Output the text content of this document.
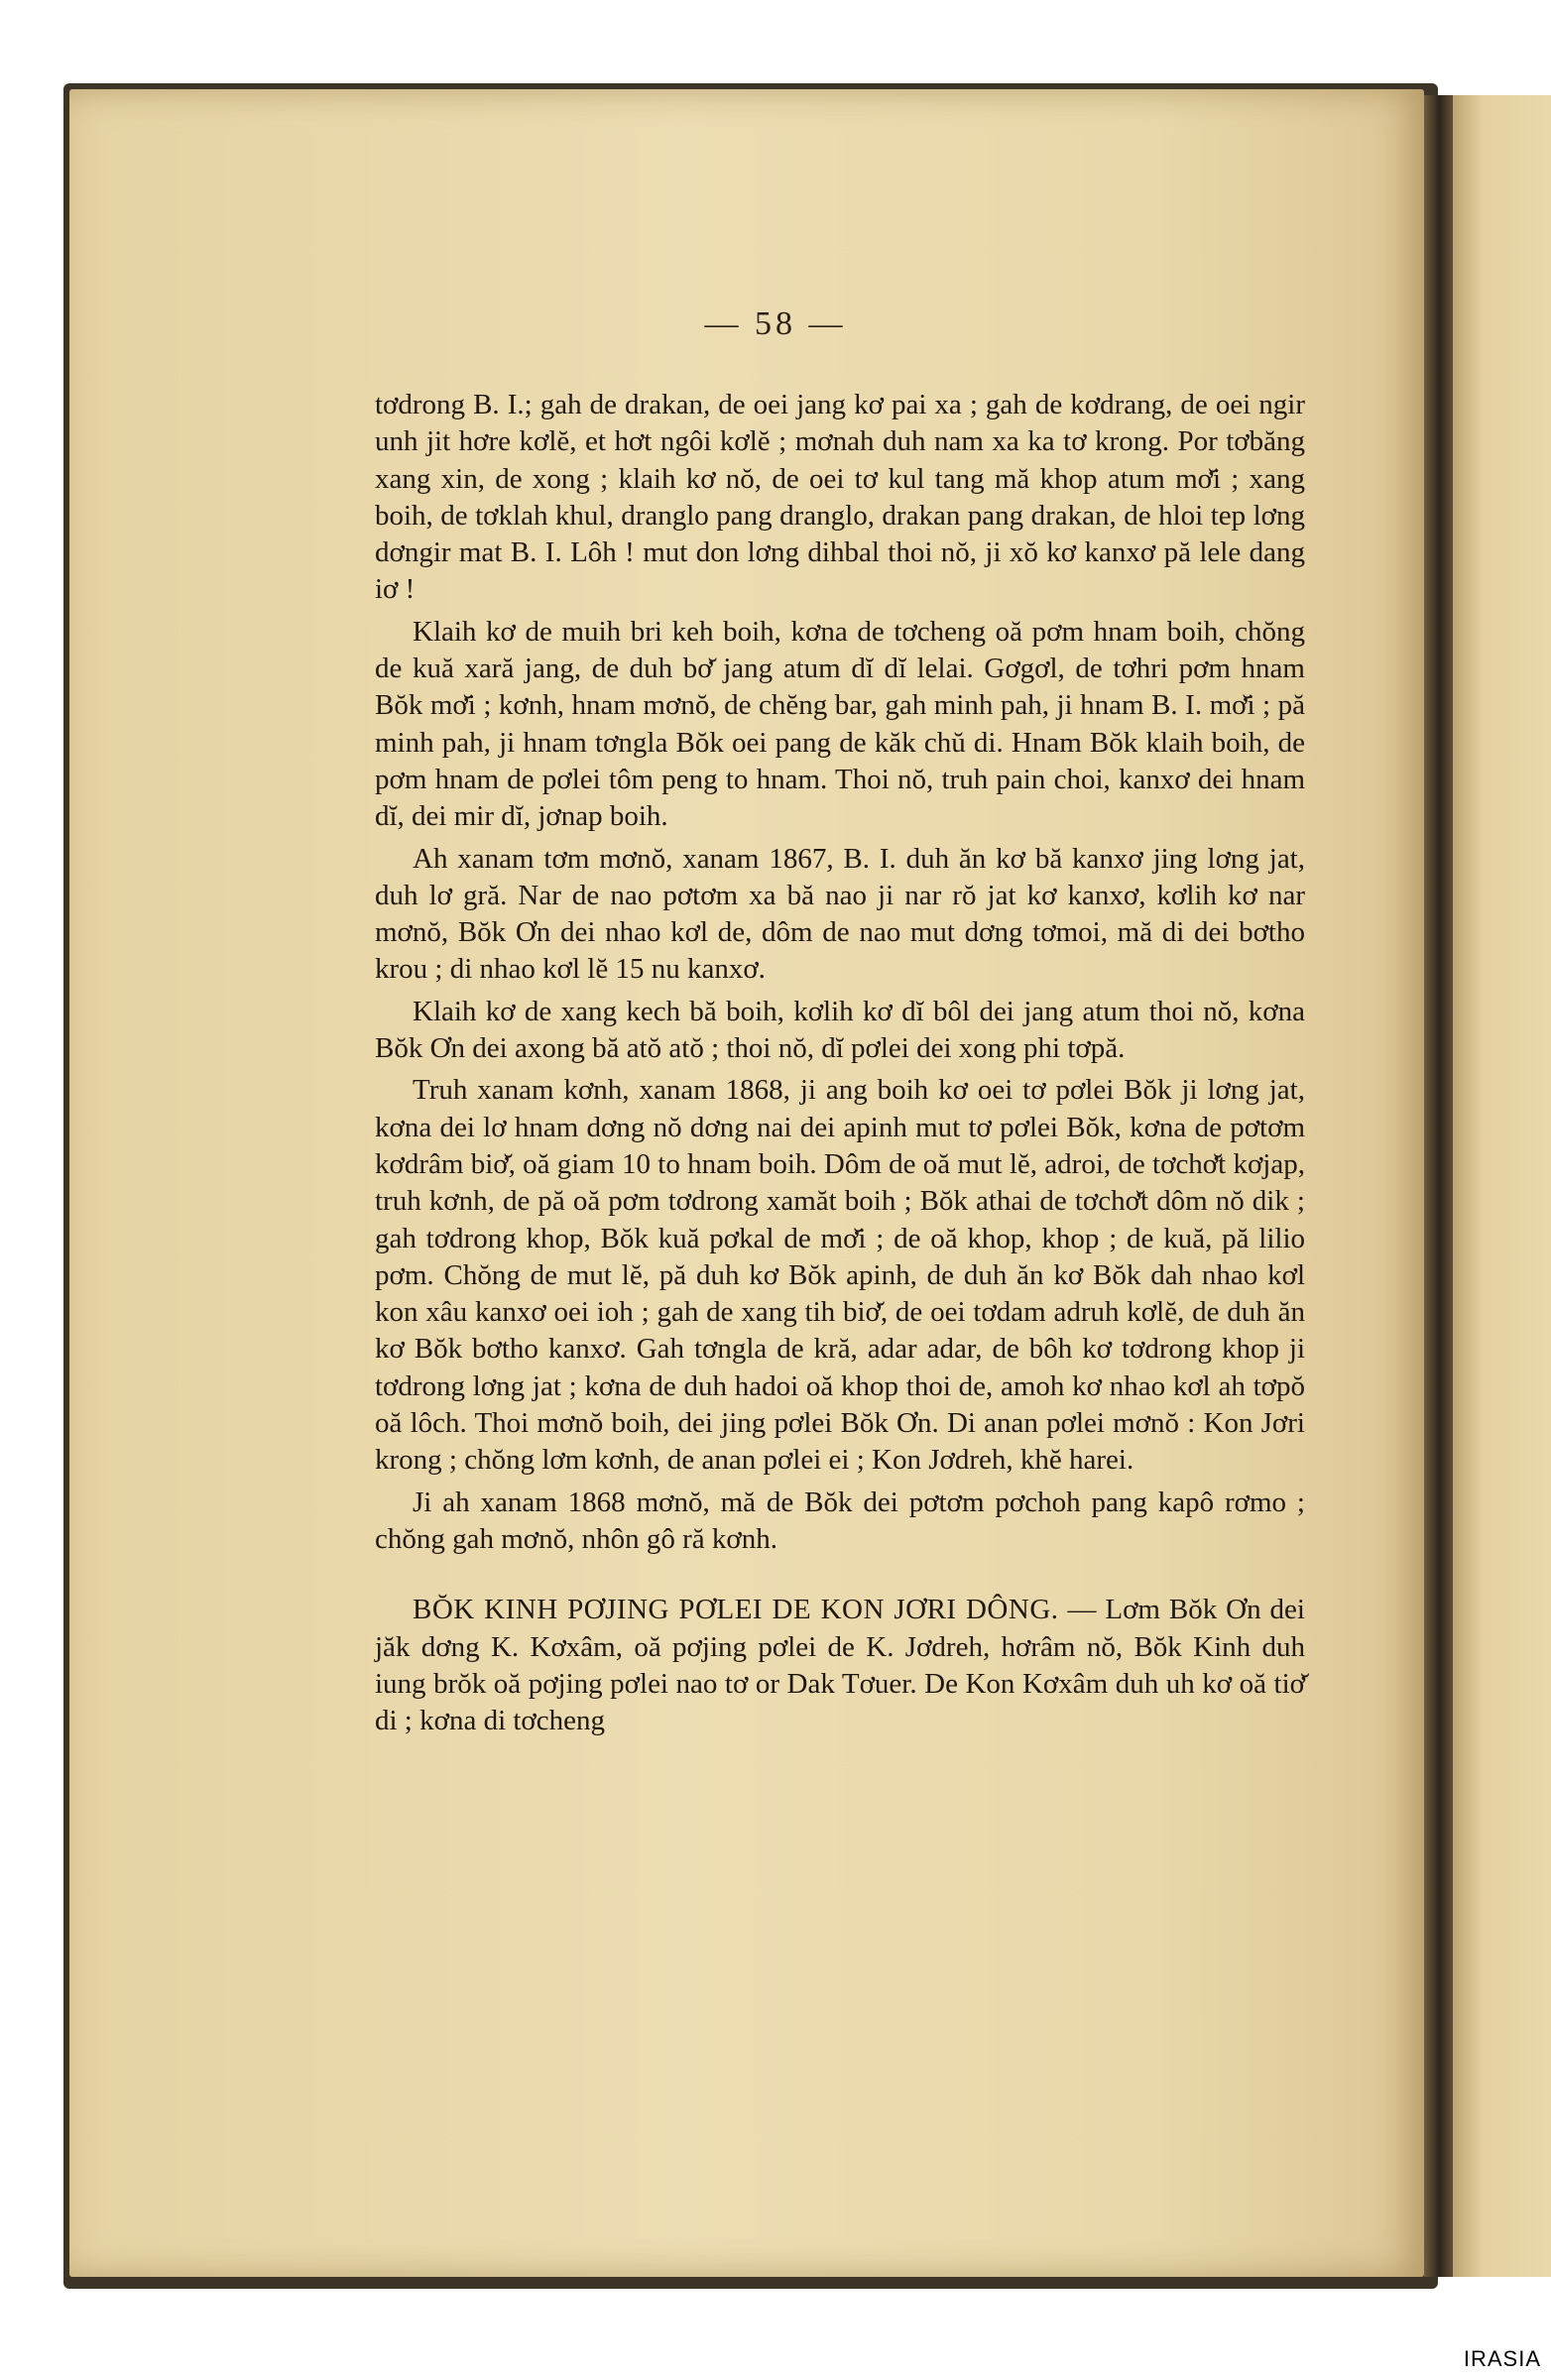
— 58 —

tơdrong B. I.; gah de drakan, de oei jang kơ pai xa ; gah de kơdrang, de oei ngir unh jit hơre kơlĕ, et hơt ngôi kơlĕ ; mơnah duh nam xa ka tơ krong. Por tơbăng xang xin, de xong ; klaih kơ nŏ, de oei tơ kul tang mă khop atum mơ̆i ; xang boih, de tơklah khul, dranglo pang dranglo, drakan pang drakan, de hloi tep lơng dơngir mat B. I. Lôh ! mut don lơng dihbal thoi nŏ, ji xŏ kơ kanxơ pă lele dang iơ !

Klaih kơ de muih bri keh boih, kơna de tơcheng oă pơm hnam boih, chŏng de kuă xară jang, de duh bơ̆ jang atum dĭ dĭ lelai. Gơgơl, de tơhri pơm hnam Bŏk mơ̆i ; kơnh, hnam mơnŏ, de chĕng bar, gah minh pah, ji hnam B. I. mơ̆i ; pă minh pah, ji hnam tơngla Bŏk oei pang de kăk chŭ di. Hnam Bŏk klaih boih, de pơm hnam de pơlei tôm peng to hnam. Thoi nŏ, truh pain choi, kanxơ dei hnam dĭ, dei mir dĭ, jơnap boih.

Ah xanam tơm mơnŏ, xanam 1867, B. I. duh ăn kơ bă kanxơ jing lơng jat, duh lơ gră. Nar de nao pơtơm xa bă nao ji nar rŏ jat kơ kanxơ, kơlih kơ nar mơnŏ, Bŏk Ơn dei nhao kơl de, dôm de nao mut dơng tơmoi, mă di dei bơtho krou ; di nhao kơl lĕ 15 nu kanxơ.

Klaih kơ de xang kech bă boih, kơlih kơ dĭ bôl dei jang atum thoi nŏ, kơna Bŏk Ơn dei axong bă atŏ atŏ ; thoi nŏ, dĭ pơlei dei xong phi tơpă.

Truh xanam kơnh, xanam 1868, ji ang boih kơ oei tơ pơlei Bŏk ji lơng jat, kơna dei lơ hnam dơng nŏ dơng nai dei apinh mut tơ pơlei Bŏk, kơna de pơtơm kơdrâm biơ̆, oă giam 10 to hnam boih. Dôm de oă mut lĕ, adroi, de tơchơ̆t kơjap, truh kơnh, de pă oă pơm tơdrong xamăt boih ; Bŏk athai de tơchơ̆t dôm nŏ dik ; gah tơdrong khop, Bŏk kuă pơkal de mơ̆i ; de oă khop, khop ; de kuă, pă lilio pơm. Chŏng de mut lĕ, pă duh kơ Bŏk apinh, de duh ăn kơ Bŏk dah nhao kơl kon xâu kanxơ oei ioh ; gah de xang tih biơ̆, de oei tơdam adruh kơlĕ, de duh ăn kơ Bŏk bơtho kanxơ. Gah tơngla de kră, adar adar, de bôh kơ tơdrong khop ji tơdrong lơng jat ; kơna de duh hadoi oă khop thoi de, amoh kơ nhao kơl ah tơpŏ oă lôch. Thoi mơnŏ boih, dei jing pơlei Bŏk Ơn. Di anan pơlei mơnŏ : Kon Jơri krong ; chŏng lơm kơnh, de anan pơlei ei ; Kon Jơdreh, khĕ harei.

Ji ah xanam 1868 mơnŏ, mă de Bŏk dei pơtơm pơchoh pang kapô rơmo ; chŏng gah mơnŏ, nhôn gô ră kơnh.

BŎK KINH PƠJING PƠLEI DE KON JƠRI DÔNG. — Lơm Bŏk Ơn dei jăk dơng K. Kơxâm, oă pơjing pơlei de K. Jơdreh, hơrâm nŏ, Bŏk Kinh duh iung brŏk oă pơjing pơlei nao tơ or Dak Tơuer. De Kon Kơxâm duh uh kơ oă tiơ̆ di ; kơna di tơcheng

IRASIA
